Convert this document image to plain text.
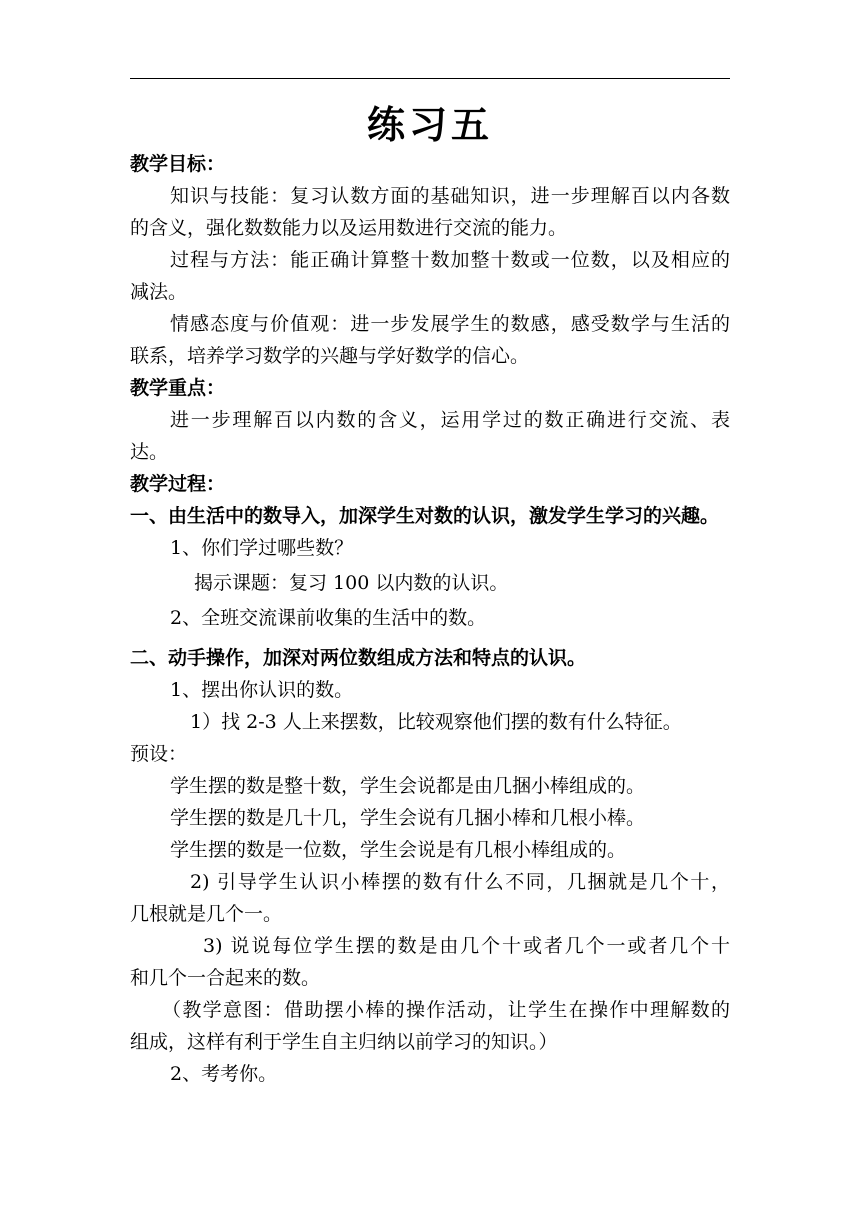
练习五
教学目标：
知识与技能：复习认数方面的基础知识，进一步理解百以内各数
的含义，强化数数能力以及运用数进行交流的能力。
过程与方法：能正确计算整十数加整十数或一位数，以及相应的
减法。
情感态度与价值观：进一步发展学生的数感，感受数学与生活的
联系，培养学习数学的兴趣与学好数学的信心。
教学重点：
进一步理解百以内数的含义，运用学过的数正确进行交流、表
达。
教学过程：
一、由生活中的数导入，加深学生对数的认识，激发学生学习的兴趣。
1、你们学过哪些数？
揭示课题：复习 100 以内数的认识。
2、全班交流课前收集的生活中的数。
二、动手操作，加深对两位数组成方法和特点的认识。
1、摆出你认识的数。
1）找 2-3 人上来摆数，比较观察他们摆的数有什么特征。
预设：
学生摆的数是整十数，学生会说都是由几捆小棒组成的。
学生摆的数是几十几，学生会说有几捆小棒和几根小棒。
学生摆的数是一位数，学生会说是有几根小棒组成的。
2) 引导学生认识小棒摆的数有什么不同，几捆就是几个十，
几根就是几个一。
3) 说说每位学生摆的数是由几个十或者几个一或者几个十
和几个一合起来的数。
（教学意图：借助摆小棒的操作活动，让学生在操作中理解数的
组成，这样有利于学生自主归纳以前学习的知识。）
2、考考你。
